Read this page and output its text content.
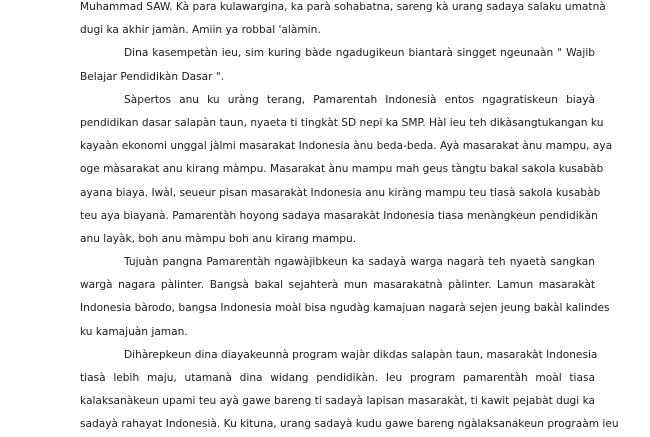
Muhammad SAW. Kà para kulawargina, ka parà sohabatna, sareng kà urang sadaya salaku umatnà
dugi ka akhir jamàn. Amiin ya robbal 'alàmin.
Dina kasempetàn ieu, sim kuring bàde ngadugikeun biantarà singget ngeunaàn " Wajib
Belajar Pendidikàn Dasar ".
Sàpertos anu ku uràng terang, Pamarentah Indonesià entos ngagratiskeun biayà
pendidikan dasar salapàn taun, nyaeta ti tingkàt SD nepi ka SMP. Hàl ieu teh dikàsangtukangan ku
kayaàn ekonomi unggal jàlmi masarakat Indonesia ànu beda-beda. Ayà masarakat ànu mampu, aya
oge màsarakat anu kirang màmpu. Masarakat ànu mampu mah geus tàngtu bakal sakola kusabàb
ayana biaya. Iwàl, seueur pisan masarakàt Indonesia anu kiràng mampu teu tiasà sakola kusabàb
teu aya biayanà. Pamarentàh hoyong sadaya masarakàt Indonesia tiasa menàngkeun pendidikàn
anu layàk, boh anu màmpu boh anu kirang mampu.
Tujuàn pangna Pamarentàh ngawàjibkeun ka sadayà warga nagarà teh nyaetà sangkan
wargà nagara pàlinter. Bangsà bakal sejahterà mun masarakatnà pàlinter. Lamun masarakàt
Indonesia bàrodo, bangsa Indonesia moàl bisa ngudàg kamajuan nagarà sejen jeung bakàl kalindes
ku kamajuàn jaman.
Dihàrepkeun dina diayakeunnà program wajàr dikdas salapàn taun, masarakàt Indonesia
tiasà lebih maju, utamanà dina widang pendidikàn. Ieu program pamarentàh moàl tiasa
kalaksanàkeun upami teu ayà gawe bareng ti sadayà lapisan masarakàt, ti kawit pejabàt dugi ka
sadayà rahayat Indonesià. Ku kituna, urang sadayà kudu gawe bareng ngàlaksanakeun prograàm ieu
